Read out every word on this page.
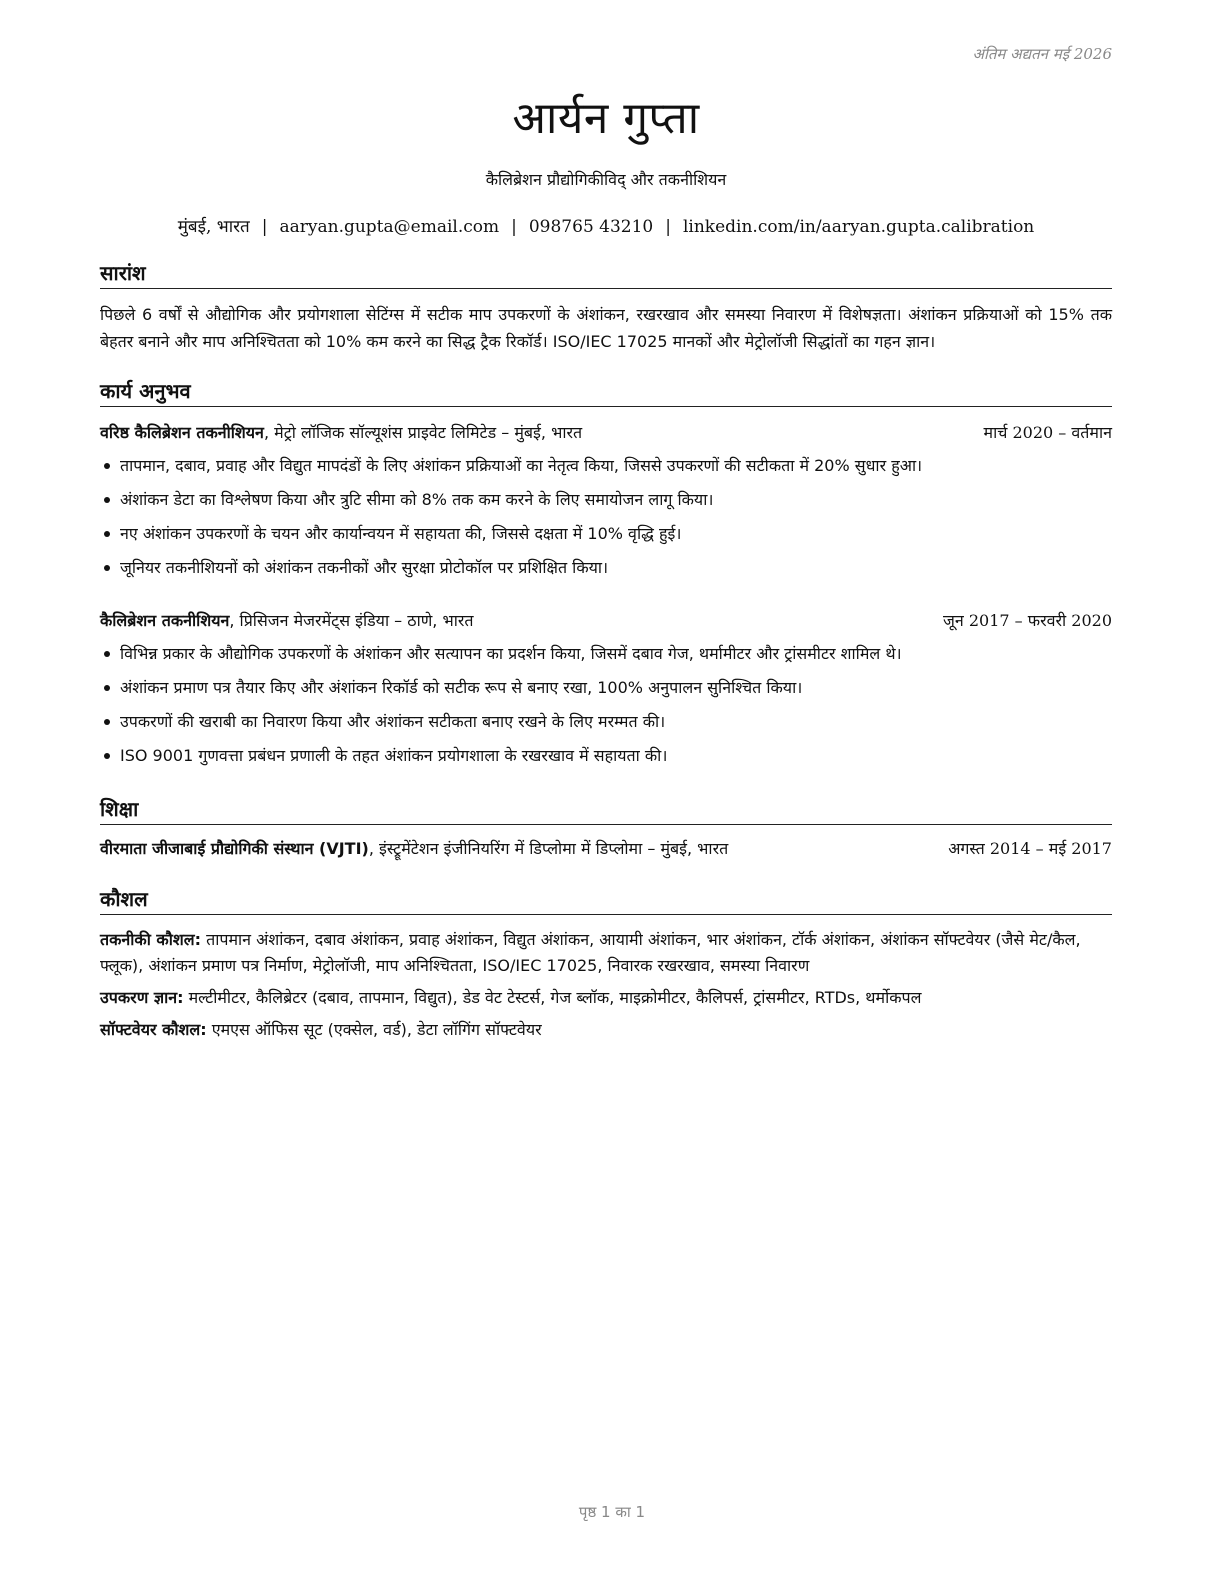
अंतिम अद्यतन मई 2026
आर्यन गुप्ता
कैलिब्रेशन प्रौद्योगिकीविद् और तकनीशियन
मुंबई, भारत | aaryan.gupta@email.com | 098765 43210 | linkedin.com/in/aaryan.gupta.calibration
सारांश
पिछले 6 वर्षों से औद्योगिक और प्रयोगशाला सेटिंग्स में सटीक माप उपकरणों के अंशांकन, रखरखाव और समस्या निवारण में विशेषज्ञता। अंशांकन प्रक्रियाओं को 15% तक बेहतर बनाने और माप अनिश्चितता को 10% कम करने का सिद्ध ट्रैक रिकॉर्ड। ISO/IEC 17025 मानकों और मेट्रोलॉजी सिद्धांतों का गहन ज्ञान।
कार्य अनुभव
वरिष्ठ कैलिब्रेशन तकनीशियन, मेट्रो लॉजिक सॉल्यूशंस प्राइवेट लिमिटेड – मुंबई, भारत	मार्च 2020 – वर्तमान
तापमान, दबाव, प्रवाह और विद्युत मापदंडों के लिए अंशांकन प्रक्रियाओं का नेतृत्व किया, जिससे उपकरणों की सटीकता में 20% सुधार हुआ।
अंशांकन डेटा का विश्लेषण किया और त्रुटि सीमा को 8% तक कम करने के लिए समायोजन लागू किया।
नए अंशांकन उपकरणों के चयन और कार्यान्वयन में सहायता की, जिससे दक्षता में 10% वृद्धि हुई।
जूनियर तकनीशियनों को अंशांकन तकनीकों और सुरक्षा प्रोटोकॉल पर प्रशिक्षित किया।
कैलिब्रेशन तकनीशियन, प्रिसिजन मेजरमेंट्स इंडिया – ठाणे, भारत	जून 2017 – फरवरी 2020
विभिन्न प्रकार के औद्योगिक उपकरणों के अंशांकन और सत्यापन का प्रदर्शन किया, जिसमें दबाव गेज, थर्मामीटर और ट्रांसमीटर शामिल थे।
अंशांकन प्रमाण पत्र तैयार किए और अंशांकन रिकॉर्ड को सटीक रूप से बनाए रखा, 100% अनुपालन सुनिश्चित किया।
उपकरणों की खराबी का निवारण किया और अंशांकन सटीकता बनाए रखने के लिए मरम्मत की।
ISO 9001 गुणवत्ता प्रबंधन प्रणाली के तहत अंशांकन प्रयोगशाला के रखरखाव में सहायता की।
शिक्षा
वीरमाता जीजाबाई प्रौद्योगिकी संस्थान (VJTI), इंस्ट्रूमेंटेशन इंजीनियरिंग में डिप्लोमा में डिप्लोमा – मुंबई, भारत	अगस्त 2014 – मई 2017
कौशल
तकनीकी कौशल: तापमान अंशांकन, दबाव अंशांकन, प्रवाह अंशांकन, विद्युत अंशांकन, आयामी अंशांकन, भार अंशांकन, टॉर्क अंशांकन, अंशांकन सॉफ्टवेयर (जैसे मेट/कैल, फ्लूक), अंशांकन प्रमाण पत्र निर्माण, मेट्रोलॉजी, माप अनिश्चितता, ISO/IEC 17025, निवारक रखरखाव, समस्या निवारण
उपकरण ज्ञान: मल्टीमीटर, कैलिब्रेटर (दबाव, तापमान, विद्युत), डेड वेट टेस्टर्स, गेज ब्लॉक, माइक्रोमीटर, कैलिपर्स, ट्रांसमीटर, RTDs, थर्मोकपल
सॉफ्टवेयर कौशल: एमएस ऑफिस सूट (एक्सेल, वर्ड), डेटा लॉगिंग सॉफ्टवेयर
पृष्ठ 1 का 1
